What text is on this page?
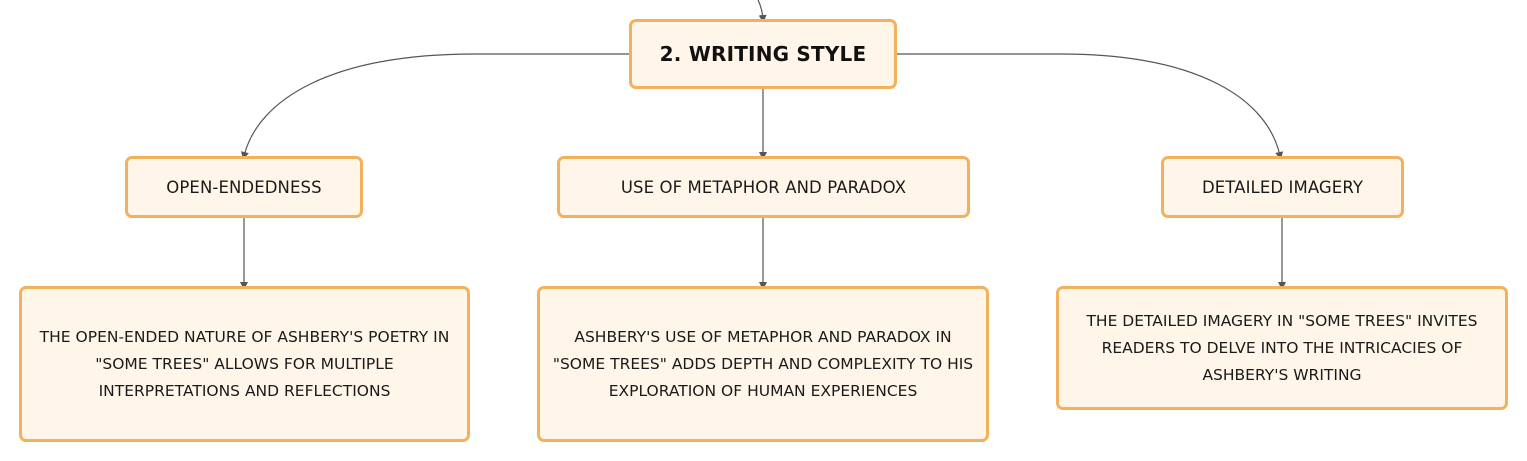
2. WRITING STYLE
OPEN-ENDEDNESS	USE OF METAPHOR AND PARADOX	DETAILED IMAGERY
THE OPEN-ENDED NATURE OF ASHBERY'S POETRY IN "SOME TREES" ALLOWS FOR MULTIPLE INTERPRETATIONS AND REFLECTIONS
ASHBERY'S USE OF METAPHOR AND PARADOX IN "SOME TREES" ADDS DEPTH AND COMPLEXITY TO HIS EXPLORATION OF HUMAN EXPERIENCES
THE DETAILED IMAGERY IN "SOME TREES" INVITES READERS TO DELVE INTO THE INTRICACIES OF ASHBERY'S WRITING
